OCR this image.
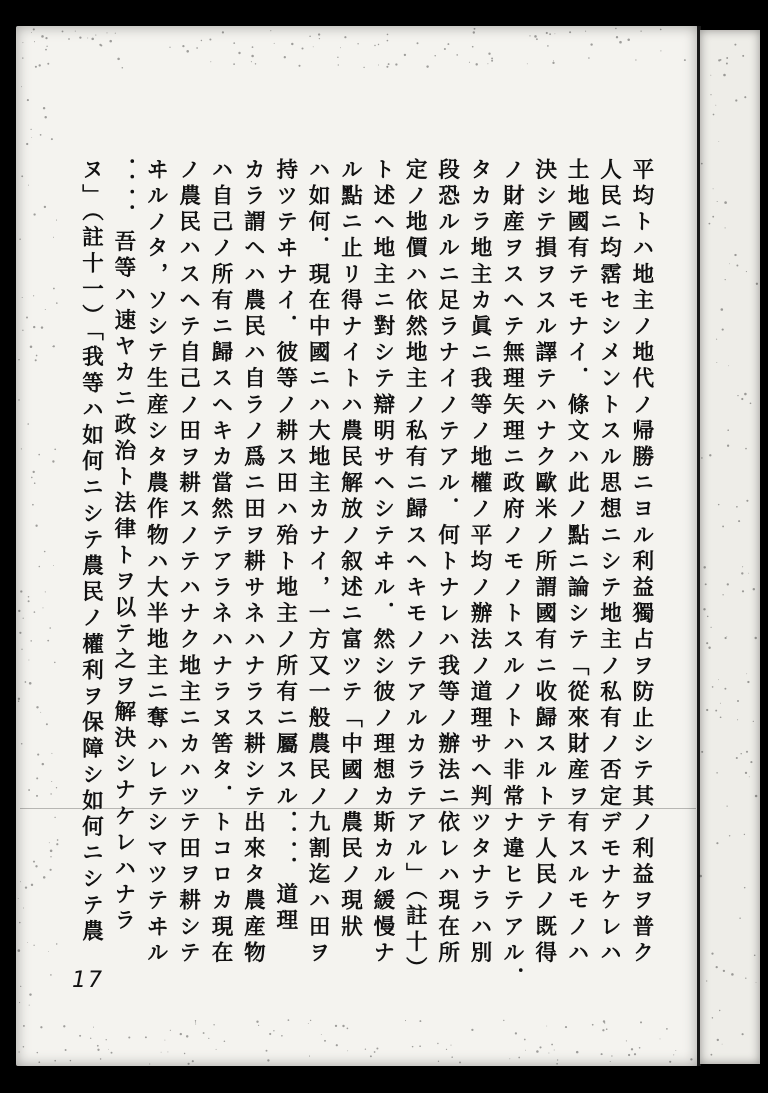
平均トハ地主ノ地代ノ帰勝ニヨル利益獨占ヲ防止シテ其ノ利益ヲ普ク
人民ニ均霑セシメントスル思想ニシテ地主ノ私有ノ否定デモナケレハ
土地國有テモナイ．條文ハ此ノ點ニ論シテ「從來財産ヲ有スルモノハ
決シテ損ヲスル譯テハナク歐米ノ所謂國有ニ收歸スルトテ人民ノ既得
ノ財産ヲスヘテ無理矢理ニ政府ノモノトスルノトハ非常ナ違ヒテアル．
タカラ地主カ眞ニ我等ノ地權ノ平均ノ辦法ノ道理サヘ判ツタナラハ別
段恐ルルニ足ラナイノテアル．何トナレハ我等ノ辦法ニ依レハ現在所
定ノ地價ハ依然地主ノ私有ニ歸スヘキモノテアルカラテアル」（註十）
ト述ヘ地主ニ對シテ辯明サヘシテヰル．然シ彼ノ理想カ斯カル緩慢ナ
ル點ニ止リ得ナイトハ農民解放ノ叙述ニ富ツテ「中國ノ農民ノ現狀
ハ如何．現在中國ニハ大地主カナイ，一方又一般農民ノ九割迄ハ田ヲ
持ツテヰナイ．彼等ノ耕ス田ハ殆ト地主ノ所有ニ屬スル．．．．道理
カラ謂ヘハ農民ハ自ラノ爲ニ田ヲ耕サネハナラス耕シテ出來タ農産物
ハ自己ノ所有ニ歸スヘキカ當然テアラネハナラヌ筈タ．トコロカ現在
ノ農民ハスヘテ自己ノ田ヲ耕スノテハナク地主ニカハツテ田ヲ耕シテ
ヰルノタ，ソシテ生産シタ農作物ハ大半地主ニ奪ハレテシマツテヰル
．．．．吾等ハ速ヤカニ政治ト法律トヲ以テ之ヲ解決シナケレハナラ
ヌ」（註十一）「我等ハ如何ニシテ農民ノ權利ヲ保障シ如何ニシテ農
17
